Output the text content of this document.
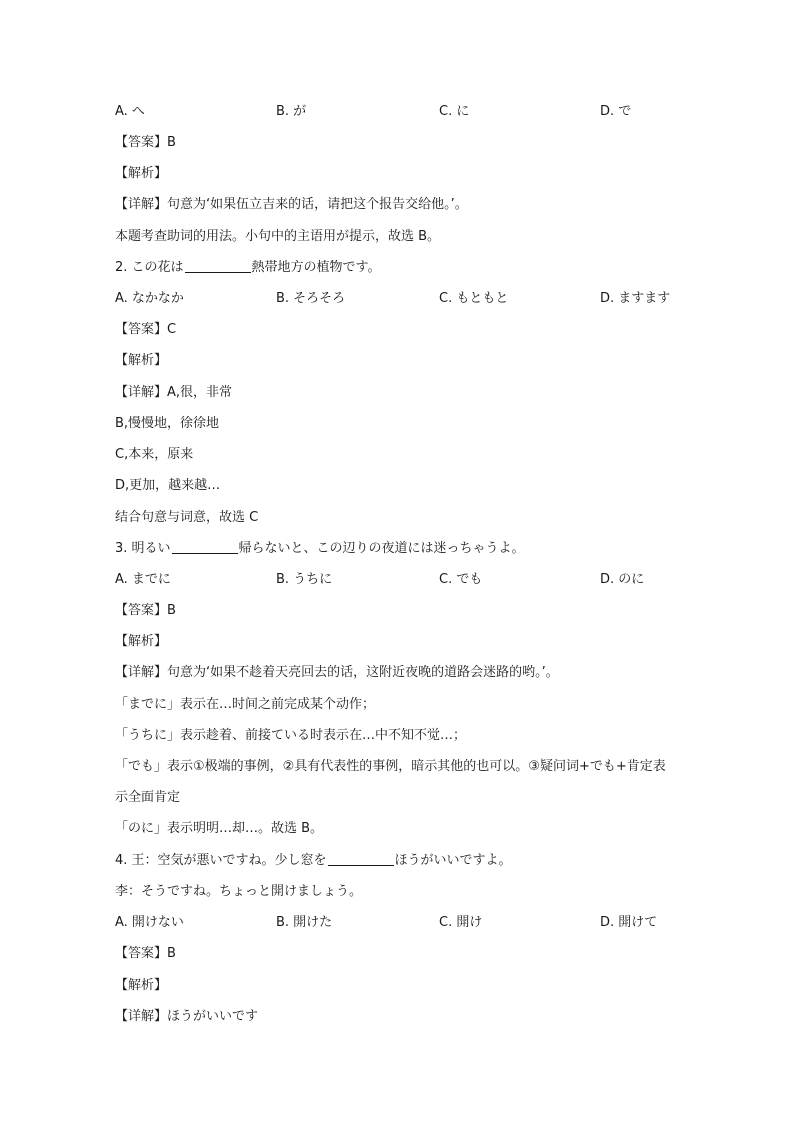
A. へ	B. が	C. に	D. で
【答案】B
【解析】
【详解】句意为‘如果伍立吉来的话，请把这个报告交给他。’。
本题考查助词的用法。小句中的主语用が提示，故选 B。
2. この花は	熱帯地方の植物です。
A. なかなか	B. そろそろ	C. もともと	D. ますます
【答案】C
【解析】
【详解】A,很，非常
B,慢慢地，徐徐地
C,本来，原来
D,更加，越来越…
结合句意与词意，故选 C
3. 明るい	帰らないと、この辺りの夜道には迷っちゃうよ。
A. までに	B. うちに	C. でも	D. のに
【答案】B
【解析】
【详解】句意为‘如果不趁着天亮回去的话，这附近夜晚的道路会迷路的哟。’。
「までに」表示在…时间之前完成某个动作；
「うちに」表示趁着、前接ている时表示在…中不知不觉…；
「でも」表示①极端的事例，②具有代表性的事例，暗示其他的也可以。③疑问词+でも+肯定表
示全面肯定
「のに」表示明明…却…。故选 B。
4. 王：空気が悪いですね。少し窓を	ほうがいいですよ。
李：そうですね。ちょっと開けましょう。
A. 開けない	B. 開けた	C. 開け	D. 開けて
【答案】B
【解析】
【详解】ほうがいいです
